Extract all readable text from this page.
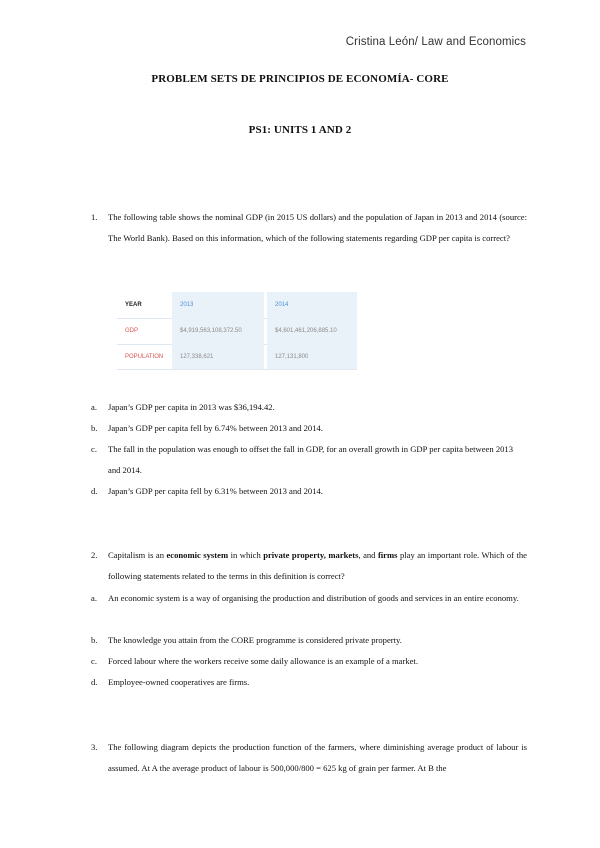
Cristina León/ Law and Economics
PROBLEM SETS DE PRINCIPIOS DE ECONOMÍA- CORE
PS1: UNITS 1 AND 2
1. The following table shows the nominal GDP (in 2015 US dollars) and the population of Japan in 2013 and 2014 (source: The World Bank). Based on this information, which of the following statements regarding GDP per capita is correct?
YEAR	2013	2014
GDP	$4,919,563,108,372.50	$4,601,461,206,885.10
POPULATION	127,338,621	127,131,800
a. Japan’s GDP per capita in 2013 was $36,194.42.
b. Japan’s GDP per capita fell by 6.74% between 2013 and 2014.
c. The fall in the population was enough to offset the fall in GDP, for an overall growth in GDP per capita between 2013 and 2014.
d. Japan’s GDP per capita fell by 6.31% between 2013 and 2014.
2. Capitalism is an economic system in which private property, markets, and firms play an important role. Which of the following statements related to the terms in this definition is correct?
a. An economic system is a way of organising the production and distribution of goods and services in an entire economy.
b. The knowledge you attain from the CORE programme is considered private property.
c. Forced labour where the workers receive some daily allowance is an example of a market.
d. Employee-owned cooperatives are firms.
3. The following diagram depicts the production function of the farmers, where diminishing average product of labour is assumed. At A the average product of labour is 500,000/800 = 625 kg of grain per farmer. At B the
